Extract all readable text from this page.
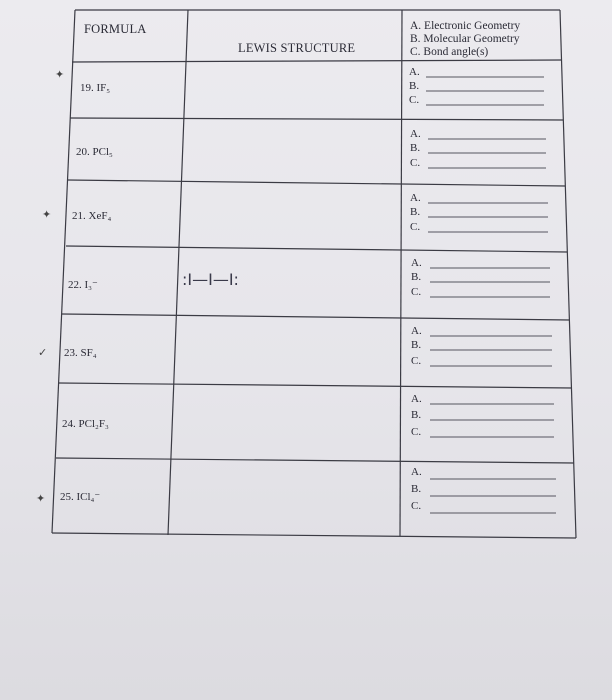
FORMULA
LEWIS STRUCTURE
A. Electronic Geometry
B. Molecular Geometry
C. Bond angle(s)
✦
19. IF₅
A.
B.
C.
20. PCl₅
A.
B.
C.
✦ 21. XeF₄
A.
B.
C.
22. I₃⁻	:I—I—I:
A.
B.
C.
✓ 23. SF₄
A.
B.
C.
24. PCl₂F₃
A.
B.
C.
✦ 25. ICl₄⁻
A.
B.
C.
